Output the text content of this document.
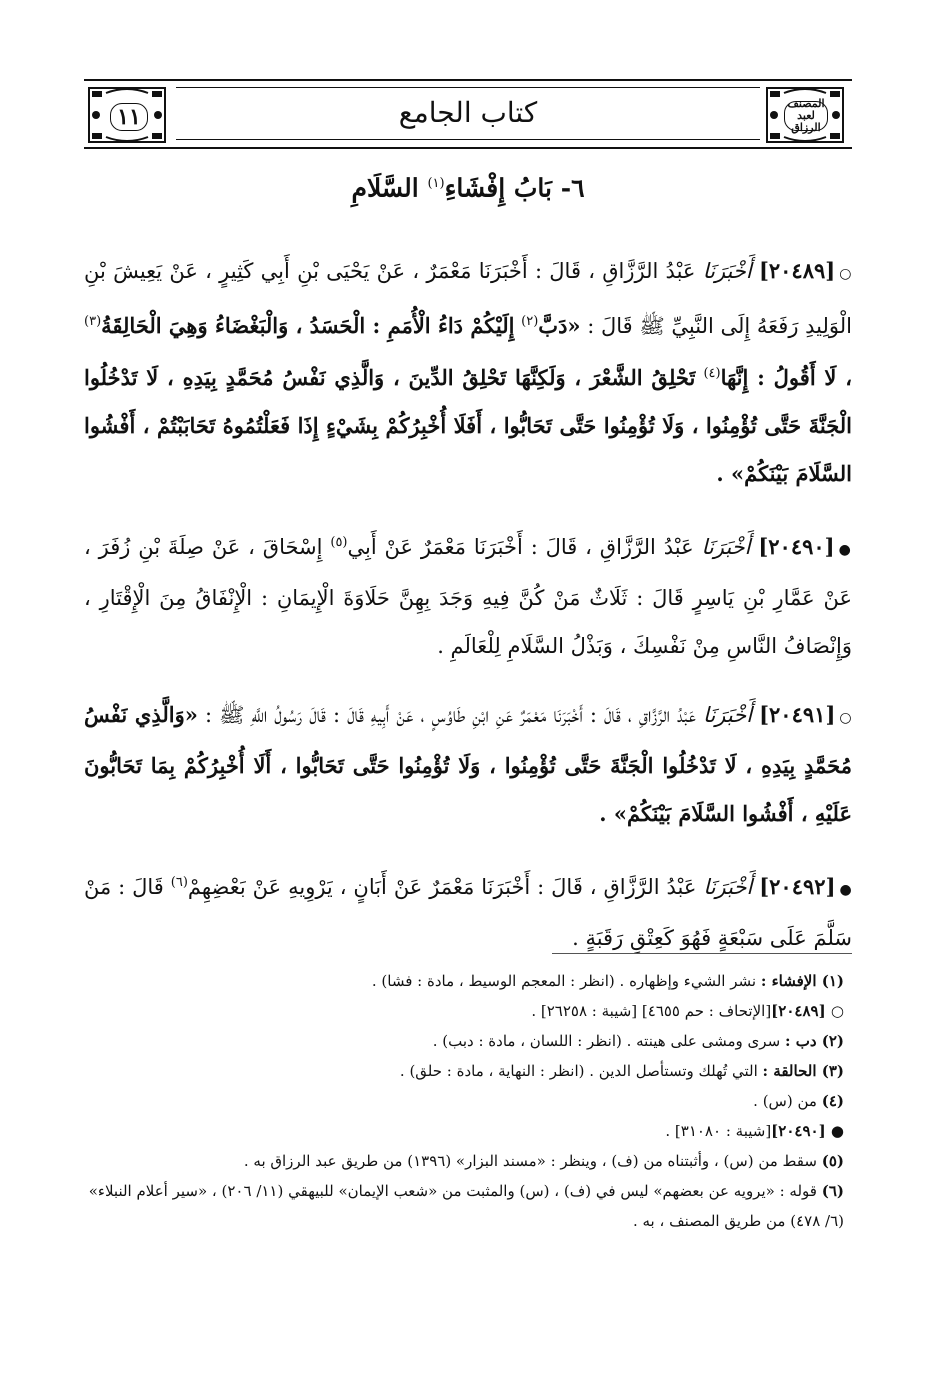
المصنف
لعبد الرزاق
كتاب الجامع
١١
٦- بَابُ إِفْشَاءِ$^{(١)}$ السَّلَامِ

○[٢٠٤٨٩] أَخْبَرَنَا عَبْدُ الرَّزَّاقِ ، قَالَ : أَخْبَرَنَا مَعْمَرٌ ، عَنْ يَحْيَى بْنِ أَبِي كَثِيرٍ ، عَنْ يَعِيشَ بْنِ الْوَلِيدِ رَفَعَهُ إِلَى النَّبِيِّ ﷺ قَالَ : «دَبَّ$^{(٢)}$ إِلَيْكُمْ دَاءُ الْأُمَمِ : الْحَسَدُ ، وَالْبَغْضَاءُ وَهِيَ الْحَالِقَةُ$^{(٣)}$ ، لَا أَقُولُ : إِنَّهَا$^{(٤)}$ تَحْلِقُ الشَّعْرَ ، وَلَكِنَّهَا تَحْلِقُ الدِّينَ ، وَالَّذِي نَفْسُ مُحَمَّدٍ بِيَدِهِ ، لَا تَدْخُلُوا الْجَنَّةَ حَتَّى تُؤْمِنُوا ، وَلَا تُؤْمِنُوا حَتَّى تَحَابُّوا ، أَفَلَا أُخْبِرُكُمْ بِشَيْءٍ إِذَا فَعَلْتُمُوهُ تَحَابَبْتُمْ ، أَفْشُوا السَّلَامَ بَيْنَكُمْ» .

●[٢٠٤٩٠] أَخْبَرَنَا عَبْدُ الرَّزَّاقِ ، قَالَ : أَخْبَرَنَا مَعْمَرٌ عَنْ أَبِي$^{(٥)}$ إِسْحَاقَ ، عَنْ صِلَةَ بْنِ زُفَرَ ، عَنْ عَمَّارِ بْنِ يَاسِرٍ قَالَ : ثَلَاثٌ مَنْ كُنَّ فِيهِ وَجَدَ بِهِنَّ حَلَاوَةَ الْإِيمَانِ : الْإِنْفَاقُ مِنَ الْإِقْتَارِ ، وَإِنْصَافُ النَّاسِ مِنْ نَفْسِكَ ، وَبَذْلُ السَّلَامِ لِلْعَالَمِ .

○[٢٠٤٩١] أَخْبَرَنَا عَبْدُ الرَّزَّاقِ ، قَالَ : أَخْبَرَنَا مَعْمَرٌ عَنِ ابْنِ طَاوُسٍ ، عَنْ أَبِيهِ قَالَ : قَالَ رَسُولُ اللَّهِ ﷺ : «وَالَّذِي نَفْسُ مُحَمَّدٍ بِيَدِهِ ، لَا تَدْخُلُوا الْجَنَّةَ حَتَّى تُؤْمِنُوا ، وَلَا تُؤْمِنُوا حَتَّى تَحَابُّوا ، أَلَا أُخْبِرُكُمْ بِمَا تَحَابُّونَ عَلَيْهِ ، أَفْشُوا السَّلَامَ بَيْنَكُمْ» .

●[٢٠٤٩٢] أَخْبَرَنَا عَبْدُ الرَّزَّاقِ ، قَالَ : أَخْبَرَنَا مَعْمَرٌ عَنْ أَبَانٍ ، يَرْوِيهِ عَنْ بَعْضِهِمْ$^{(٦)}$ قَالَ : مَنْ سَلَّمَ عَلَى سَبْعَةٍ فَهُوَ كَعِتْقِ رَقَبَةٍ .

(١) الإفشاء : نشر الشيء وإظهاره . (انظر : المعجم الوسيط ، مادة : فشا) .
○ [٢٠٤٨٩][الإتحاف : حم ٤٦٥٥] [شيبة : ٢٦٢٥٨] .
(٢) دب : سرى ومشى على هينته . (انظر : اللسان ، مادة : دبب) .
(٣) الحالقة : التي تُهلك وتستأصل الدين . (انظر : النهاية ، مادة : حلق) .
(٤) من (س) .
● [٢٠٤٩٠][شيبة : ٣١٠٨٠] .
(٥) سقط من (س) ، وأثبتناه من (ف) ، وينظر : «مسند البزار» (١٣٩٦) من طريق عبد الرزاق به .
(٦) قوله : «يرويه عن بعضهم» ليس في (ف) ، (س) والمثبت من «شعب الإيمان» للبيهقي (١١/ ٢٠٦) ، «سير أعلام النبلاء» (٦/ ٤٧٨) من طريق المصنف ، به .
